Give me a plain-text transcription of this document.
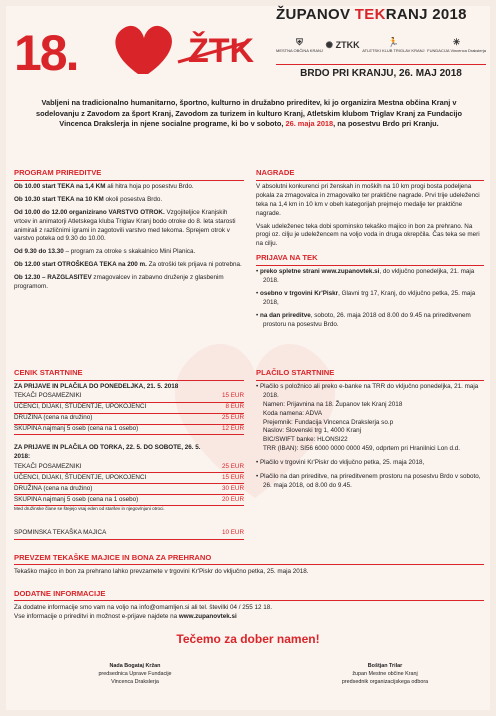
18.	ŽTK
ŽUPANOV TEKRANJ 2018
⛨
MESTNA OBČINA KRANJ
✺ ZTKK	🏃
ATLETSKI KLUB TRIGLAV KRANJ
✳
FUNDACIJA Vincenca Drakslerja
BRDO PRI KRANJU, 26. MAJ 2018
Vabljeni na tradicionalno humanitarno, športno, kulturno in družabno prireditev, ki jo organizira Mestna občina Kranj v sodelovanju z Zavodom za šport Kranj, Zavodom za turizem in kulturo Kranj, Atletskim klubom Triglav Kranj za Fundacijo Vincenca Drakslerja in njene socialne programe, ki bo v soboto, 26. maja 2018, na posestvu Brdo pri Kranju.
PROGRAM PRIREDITVE
Ob 10.00 start TEKA na 1,4 KM ali hitra hoja po posestvu Brdo.
Ob 10.30 start TEKA na 10 KM okoli posestva Brdo.
Od 10.00 do 12.00 organizirano VARSTVO OTROK. Vzgojiteljice Kranjskih vrtcev in animatorji Atletskega kluba Triglav Kranj bodo otroke do 8. leta starosti animirali z različnimi igrami in zagotovili varstvo med tekoma. Sprejem otrok v varstvo poteka od 9.30 do 10.00.
Od 9.30 do 13.30 – program za otroke s skakalnico Mini Planica.
Ob 12.00 start OTROŠKEGA TEKA na 200 m. Za otroški tek prijava ni potrebna.
Ob 12.30 – RAZGLASITEV zmagovalcev in zabavno druženje z glasbenim programom.
NAGRADE
V absolutni konkurenci pri ženskah in moških na 10 km progi bosta podeljena pokala za zmagovalca in zmagovalko ter praktične nagrade. Prvi trije udeleženci teka na 1,4 km in 10 km v obeh kategorijah prejmejo medalje ter praktične nagrade.
Vsak udeleženec teka dobi spominsko tekaško majico in bon za prehrano. Na progi oz. cilju je udeležencem na voljo voda in druga okrepčila. Čas teka se meri na cilju.
PRIJAVA NA TEK
• preko spletne strani www.zupanovtek.si, do vključno ponedeljka, 21. maja 2018.
• osebno v trgovini Kr'Piskr, Glavni trg 17, Kranj, do vključno petka, 25. maja 2018,
• na dan prireditve, soboto, 26. maja 2018 od 8.00 do 9.45 na prireditvenem prostoru na posestvu Brdo.
CENIK STARTNINE
ZA PRIJAVE IN PLAČILA DO PONEDELJKA, 21. 5. 2018
TEKAČI POSAMEZNIKI	15 EUR
UČENCI, DIJAKI, ŠTUDENTJE, UPOKOJENCI	8 EUR
DRUŽINA (cena na družino)	25 EUR
SKUPINA najmanj 5 oseb (cena na 1 osebo)	12 EUR
ZA PRIJAVE IN PLAČILA OD TORKA, 22. 5. DO SOBOTE, 26. 5. 2018:
TEKAČI POSAMEZNIKI	25 EUR
UČENCI, DIJAKI, ŠTUDENTJE, UPOKOJENCI	15 EUR
DRUŽINA (cena na družino)	30 EUR
SKUPINA najmanj 5 oseb (cena na 1 osebo)	20 EUR
Med družinske člane se štejejo vsaj eden od staršev in njegov/njuni otroci.
SPOMINSKA TEKAŠKA MAJICA	10 EUR
PLAČILO STARTNINE
• Plačilo s položnico ali preko e-banke na TRR do vključno ponedeljka, 21. maja 2018.
Namen: Prijavnina na 18. Županov tek Kranj 2018
Koda namena: ADVA
Prejemnik: Fundacija Vincenca Drakslerja so.p
Naslov: Slovenski trg 1, 4000 Kranj
BIC/SWIFT banke: HLONSI22
TRR (IBAN): SI56 6000 0000 0000 459, odprtem pri Hranilnici Lon d.d.
• Plačilo v trgovini Kr'Piskr do vključno petka, 25. maja 2018,
• Plačilo na dan prireditve, na prireditvenem prostoru na posestvu Brdo v soboto, 26. maja 2018, od 8.00 do 9.45.
PREVZEM TEKAŠKE MAJICE IN BONA ZA PREHRANO
Tekaško majico in bon za prehrano lahko prevzamete v trgovini Kr'Piskr do vključno petka, 25. maja 2018.
DODATNE INFORMACIJE
Za dodatne informacije smo vam na voljo na info@omamljen.si ali tel. številki 04 / 255 12 18.
Vse informacije o prireditvi in možnost e-prijave najdete na www.zupanovtek.si
Tečemo za dober namen!
Nada Bogataj Kržan
predsednica Uprave Fundacije
Vincenca Drakslerja
Boštjan Trilar
župan Mestne občine Kranj
predsednik organizacijskega odbora
